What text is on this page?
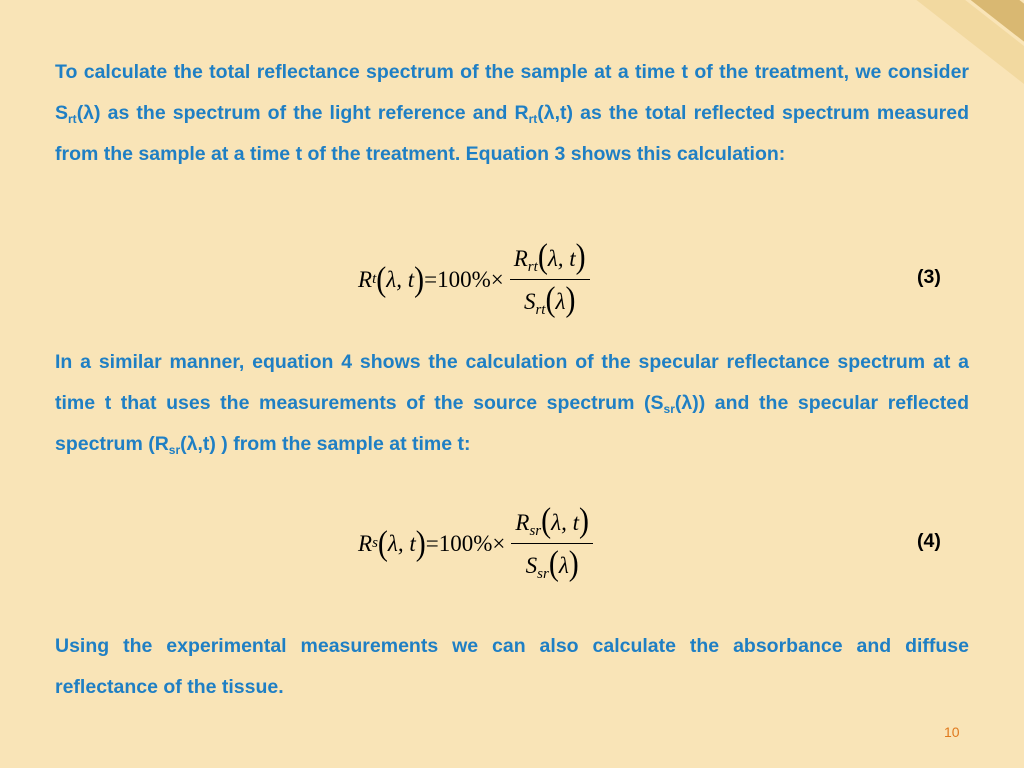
To calculate the total reflectance spectrum of the sample at a time t of the treatment, we consider $S_{rt}(\lambda)$ as the spectrum of the light reference and $R_{rt}(\lambda,t)$ as the total reflected spectrum measured from the sample at a time t of the treatment. Equation 3 shows this calculation:

R t ( λ, t ) = $100\% \times \frac{R_{rt}(\lambda, t)}{S_{rt}(\lambda)}$	(3)

In a similar manner, equation 4 shows the calculation of the specular reflectance spectrum at a time t that uses the measurements of the source spectrum $(S_{sr}(\lambda))$ and the specular reflected spectrum ($R_{sr}(\lambda,t)$ ) from the sample at time t:

R s ( λ, t ) = $100\% \times \frac{R_{sr}(\lambda, t)}{S_{sr}(\lambda)}$	(4)

Using the experimental measurements we can also calculate the absorbance and diffuse reflectance of the tissue.

10
